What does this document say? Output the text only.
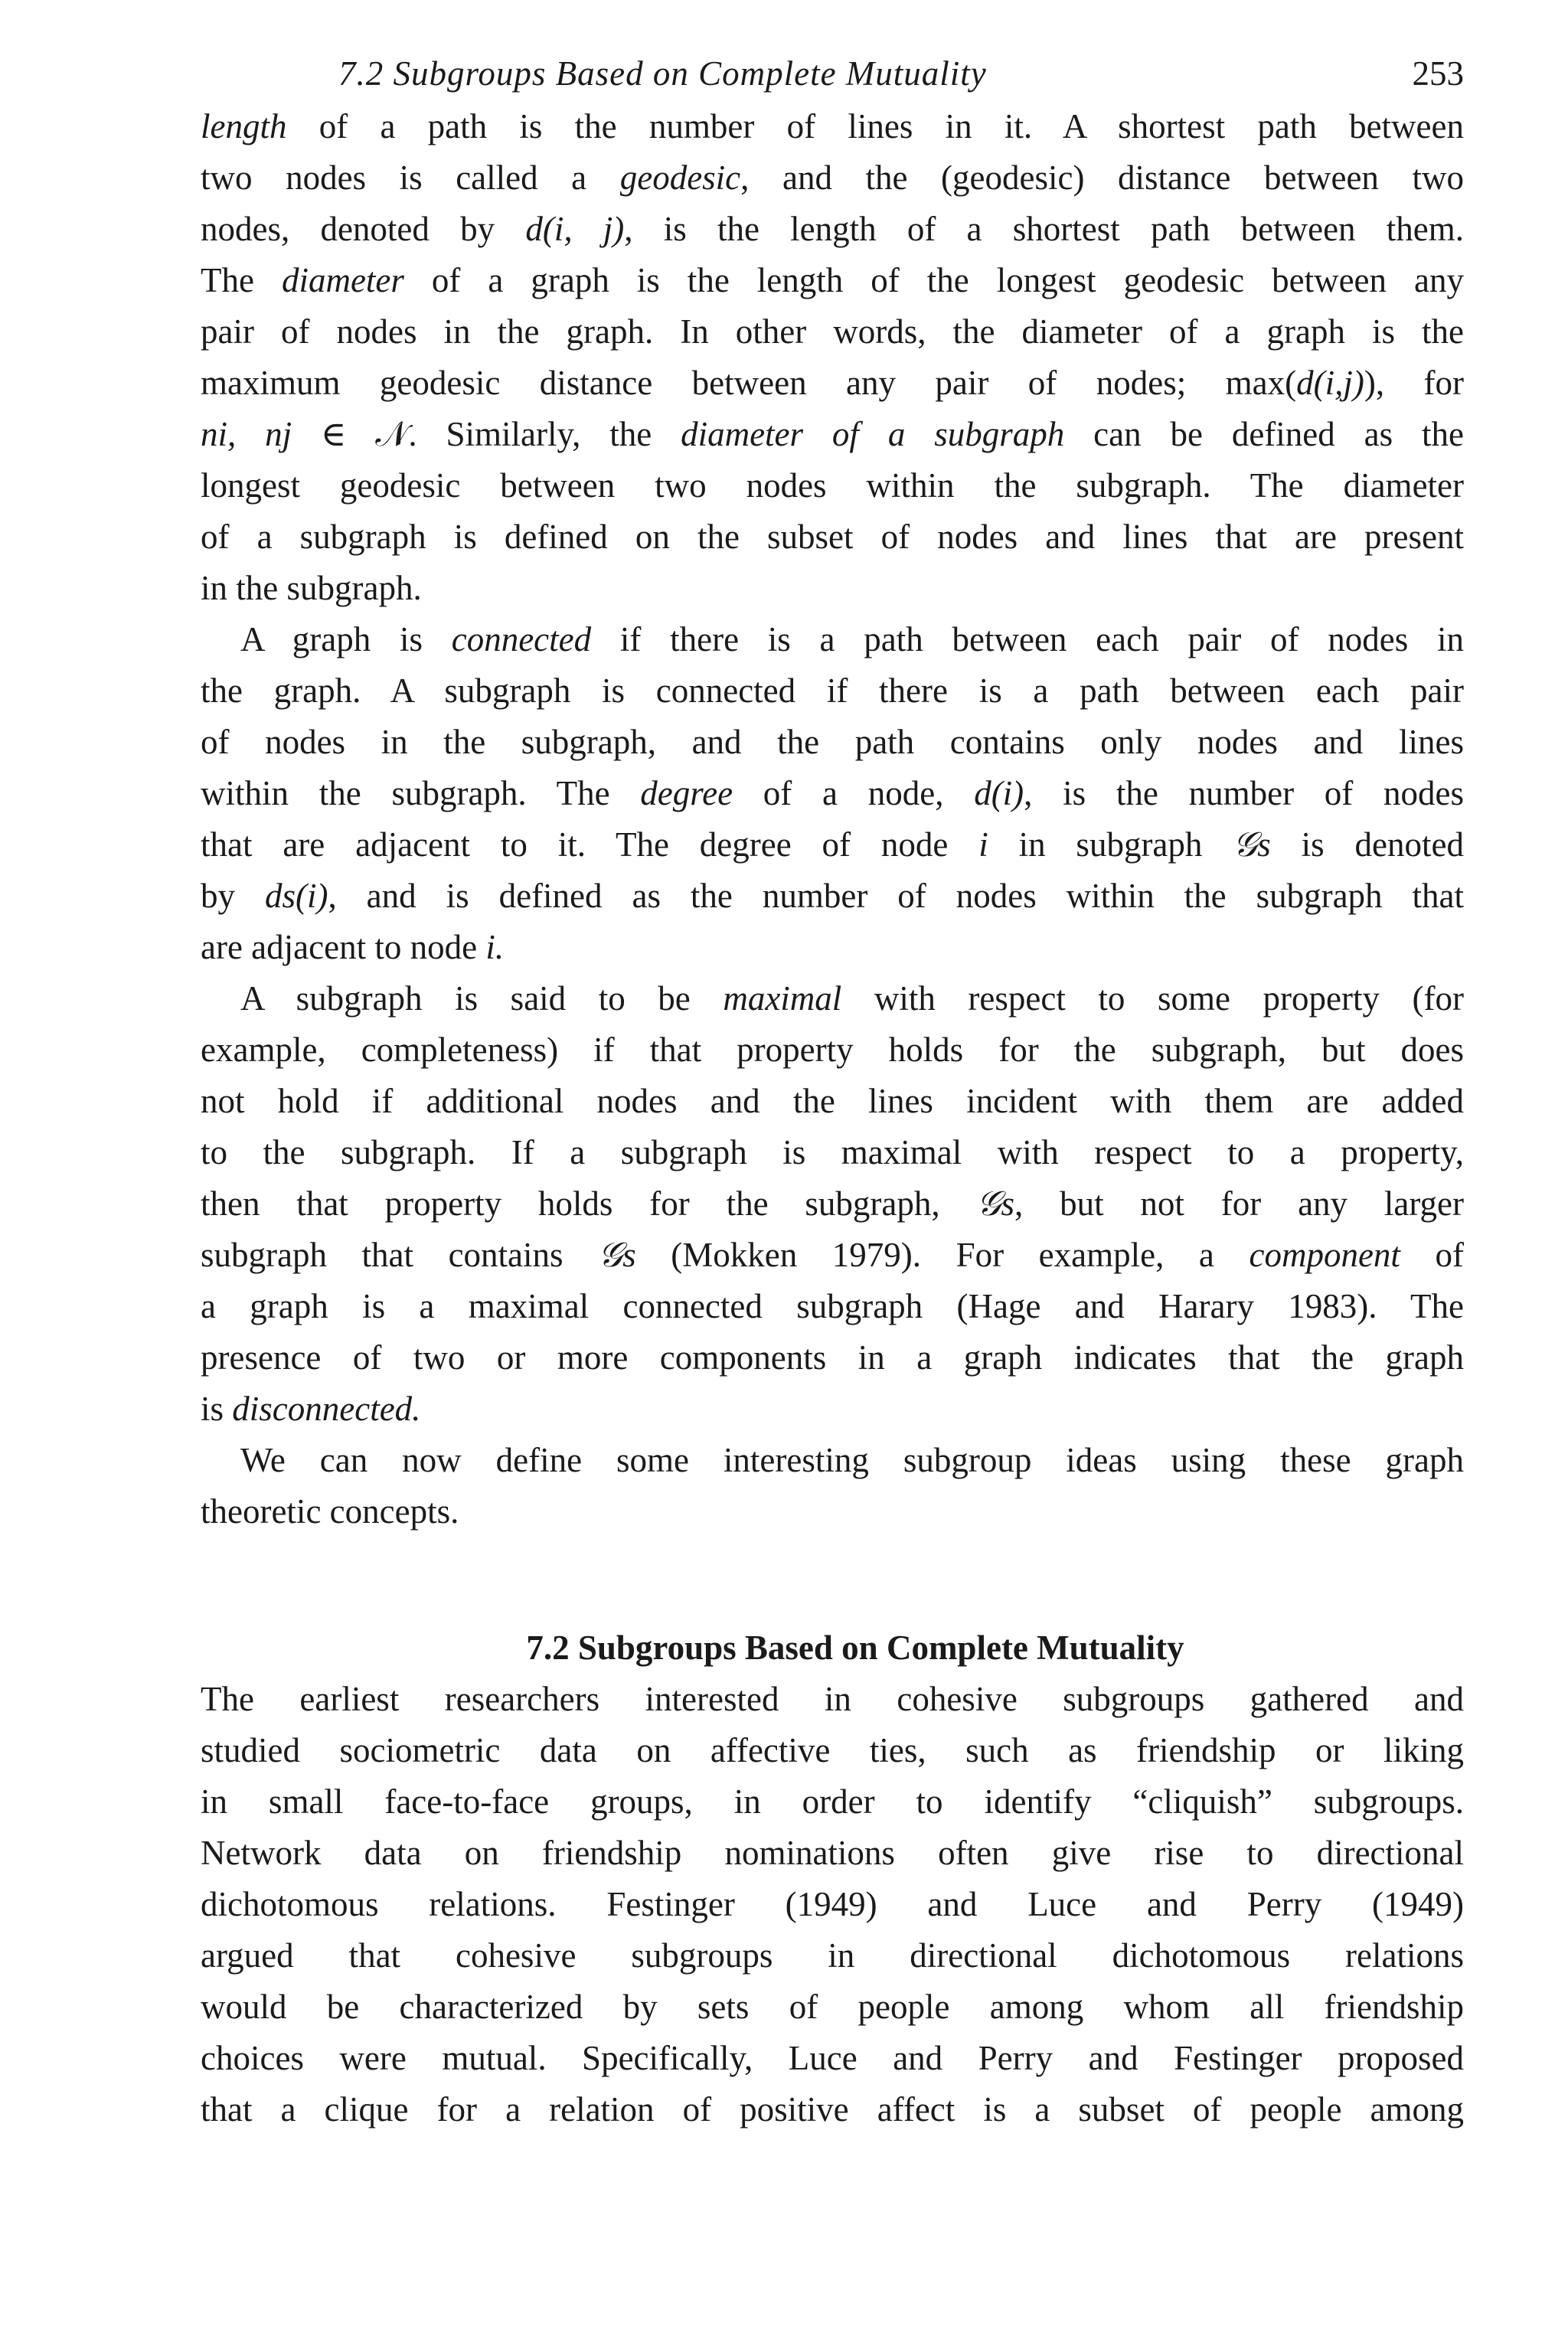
7.2 Subgroups Based on Complete Mutuality	253
length of a path is the number of lines in it. A shortest path between
two nodes is called a geodesic, and the (geodesic) distance between two
nodes, denoted by d(i, j), is the length of a shortest path between them.
The diameter of a graph is the length of the longest geodesic between any
pair of nodes in the graph. In other words, the diameter of a graph is the
maximum geodesic distance between any pair of nodes; max(d(i,j)), for
ni, nj ∈ 𝒩. Similarly, the diameter of a subgraph can be defined as the
longest geodesic between two nodes within the subgraph. The diameter
of a subgraph is defined on the subset of nodes and lines that are present
in the subgraph.
A graph is connected if there is a path between each pair of nodes in
the graph. A subgraph is connected if there is a path between each pair
of nodes in the subgraph, and the path contains only nodes and lines
within the subgraph. The degree of a node, d(i), is the number of nodes
that are adjacent to it. The degree of node i in subgraph 𝒢s is denoted
by ds(i), and is defined as the number of nodes within the subgraph that
are adjacent to node i.
A subgraph is said to be maximal with respect to some property (for
example, completeness) if that property holds for the subgraph, but does
not hold if additional nodes and the lines incident with them are added
to the subgraph. If a subgraph is maximal with respect to a property,
then that property holds for the subgraph, 𝒢s, but not for any larger
subgraph that contains 𝒢s (Mokken 1979). For example, a component of
a graph is a maximal connected subgraph (Hage and Harary 1983). The
presence of two or more components in a graph indicates that the graph
is disconnected.
We can now define some interesting subgroup ideas using these graph
theoretic concepts.
7.2 Subgroups Based on Complete Mutuality
The earliest researchers interested in cohesive subgroups gathered and
studied sociometric data on affective ties, such as friendship or liking
in small face-to-face groups, in order to identify “cliquish” subgroups.
Network data on friendship nominations often give rise to directional
dichotomous relations. Festinger (1949) and Luce and Perry (1949)
argued that cohesive subgroups in directional dichotomous relations
would be characterized by sets of people among whom all friendship
choices were mutual. Specifically, Luce and Perry and Festinger proposed
that a clique for a relation of positive affect is a subset of people among
